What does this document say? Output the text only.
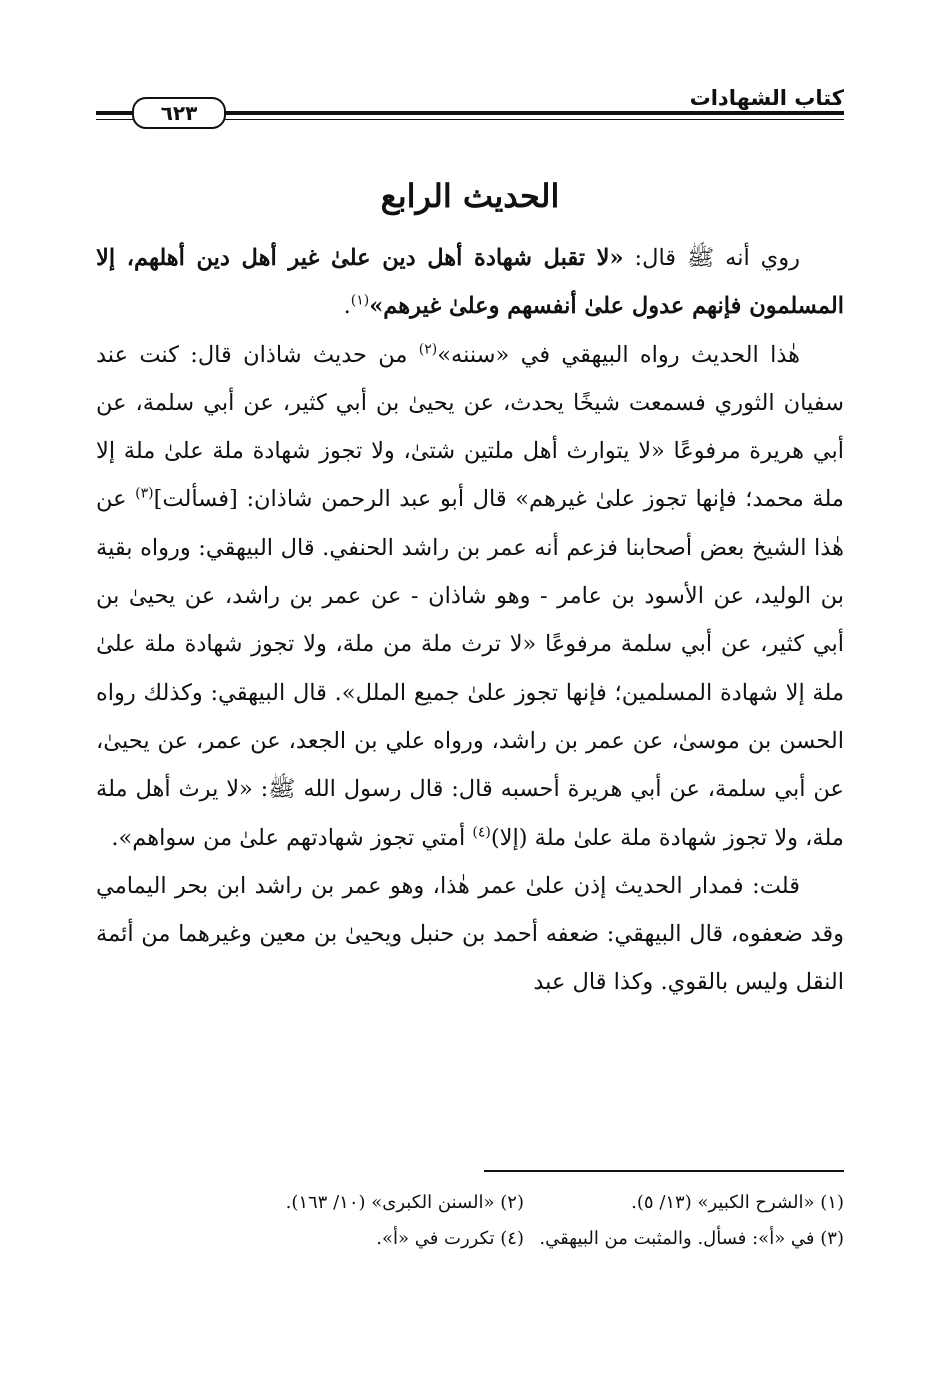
كتاب الشهادات
٦٢٣
الحديث الرابع

روي أنه ﷺ قال: «لا تقبل شهادة أهل دين علىٰ غير أهل دين أهلهم، إلا المسلمون فإنهم عدول علىٰ أنفسهم وعلىٰ غيرهم»$^{(١)}$.

هٰذا الحديث رواه البيهقي في «سننه»$^{(٢)}$ من حديث شاذان قال: كنت عند سفيان الثوري فسمعت شيخًا يحدث، عن يحيىٰ بن أبي كثير، عن أبي سلمة، عن أبي هريرة مرفوعًا «لا يتوارث أهل ملتين شتىٰ، ولا تجوز شهادة ملة علىٰ ملة إلا ملة محمد؛ فإنها تجوز علىٰ غيرهم» قال أبو عبد الرحمن شاذان: [فسألت]$^{(٣)}$ عن هٰذا الشيخ بعض أصحابنا فزعم أنه عمر بن راشد الحنفي. قال البيهقي: ورواه بقية بن الوليد، عن الأسود بن عامر - وهو شاذان - عن عمر بن راشد، عن يحيىٰ بن أبي كثير، عن أبي سلمة مرفوعًا «لا ترث ملة من ملة، ولا تجوز شهادة ملة علىٰ ملة إلا شهادة المسلمين؛ فإنها تجوز علىٰ جميع الملل». قال البيهقي: وكذلك رواه الحسن بن موسىٰ، عن عمر بن راشد، ورواه علي بن الجعد، عن عمر، عن يحيىٰ، عن أبي سلمة، عن أبي هريرة أحسبه قال: قال رسول الله ﷺ: «لا يرث أهل ملة ملة، ولا تجوز شهادة ملة علىٰ ملة (إلا)$^{(٤)}$ أمتي تجوز شهادتهم علىٰ من سواهم».

قلت: فمدار الحديث إذن علىٰ عمر هٰذا، وهو عمر بن راشد ابن بحر اليمامي وقد ضعفوه، قال البيهقي: ضعفه أحمد بن حنبل ويحيىٰ بن معين وغيرهما من أئمة النقل وليس بالقوي. وكذا قال عبد

(١) «الشرح الكبير» (١٣/ ٥).
(٢) «السنن الكبرى» (١٠/ ١٦٣).
(٣) في «أ»: فسأل. والمثبت من البيهقي.
(٤) تكررت في «أ».
